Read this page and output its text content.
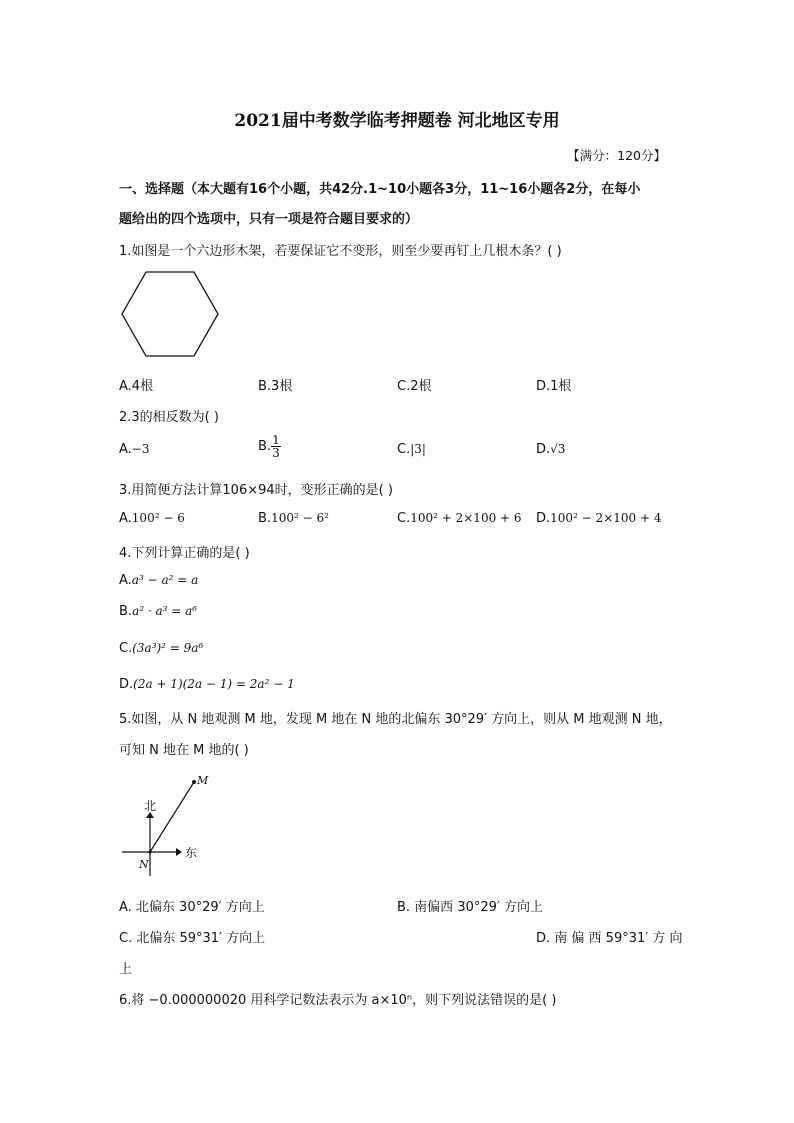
2021届中考数学临考押题卷 河北地区专用
【满分：120分】
一、选择题（本大题有16个小题，共42分.1~10小题各3分，11~16小题各2分，在每小
题给出的四个选项中，只有一项是符合题目要求的）
1.如图是一个六边形木架，若要保证它不变形，则至少要再钉上几根木条？( )
A.4根	B.3根	C.2根	D.1根
2.3的相反数为( )
A.−3	B. $\frac{1}{3}$	C.|3|	D.√3
3.用简便方法计算106×94时，变形正确的是( )
A.100² − 6	B.100² − 6²	C.100² + 2×100 + 6 D.100² − 2×100 + 4
4.下列计算正确的是( )
A.a³ − a² = a
B.a² · a³ = a⁶
C.(3a³)² = 9a⁶
D.(2a + 1)(2a − 1) = 2a² − 1
5.如图，从 N 地观测 M 地，发现 M 地在 N 地的北偏东 30°29′ 方向上，则从 M 地观测 N 地，
可知 N 地在 M 地的( )
北
东
M
N
A. 北偏东 30°29′ 方向上	B. 南偏西 30°29′ 方向上
C. 北偏东 59°31′ 方向上	D. 南 偏 西 59°31′ 方 向
上
6.将 −0.000000020 用科学记数法表示为 a×10ⁿ，则下列说法错误的是( )
